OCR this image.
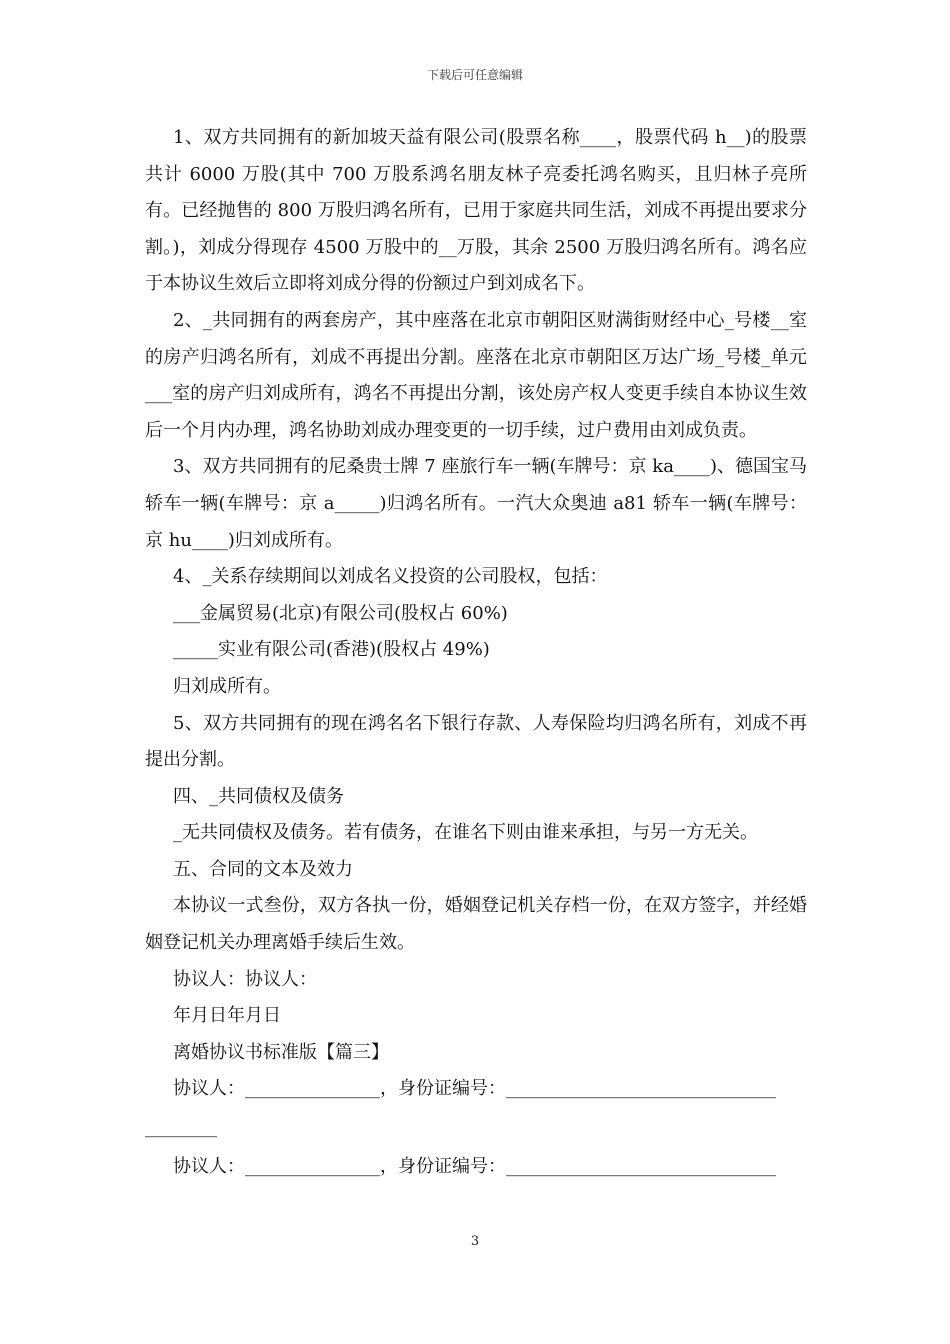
下载后可任意编辑

1、双方共同拥有的新加坡天益有限公司(股票名称____，股票代码 h__)的股票共计 6000 万股(其中 700 万股系鸿名朋友林子亮委托鸿名购买，且归林子亮所有。已经抛售的 800 万股归鸿名所有，已用于家庭共同生活，刘成不再提出要求分割。)，刘成分得现存 4500 万股中的__万股，其余 2500 万股归鸿名所有。鸿名应于本协议生效后立即将刘成分得的份额过户到刘成名下。

2、_共同拥有的两套房产，其中座落在北京市朝阳区财满街财经中心_号楼__室的房产归鸿名所有，刘成不再提出分割。座落在北京市朝阳区万达广场_号楼_单元___室的房产归刘成所有，鸿名不再提出分割，该处房产权人变更手续自本协议生效后一个月内办理，鸿名协助刘成办理变更的一切手续，过户费用由刘成负责。

3、双方共同拥有的尼桑贵士牌 7 座旅行车一辆(车牌号：京 ka____)、德国宝马轿车一辆(车牌号：京 a_____)归鸿名所有。一汽大众奥迪 a81 轿车一辆(车牌号：京 hu____)归刘成所有。

4、_关系存续期间以刘成名义投资的公司股权，包括：

___金属贸易(北京)有限公司(股权占 60%)

_____实业有限公司(香港)(股权占 49%)

归刘成所有。

5、双方共同拥有的现在鸿名名下银行存款、人寿保险均归鸿名所有，刘成不再提出分割。

四、_共同债权及债务

_无共同债权及债务。若有债务，在谁名下则由谁来承担，与另一方无关。

五、合同的文本及效力

本协议一式叁份，双方各执一份，婚姻登记机关存档一份，在双方签字，并经婚姻登记机关办理离婚手续后生效。

协议人：协议人：

年月日年月日

离婚协议书标准版【篇三】

协议人：_______________，身份证编号：______________________________

________

协议人：_______________，身份证编号：______________________________

3
